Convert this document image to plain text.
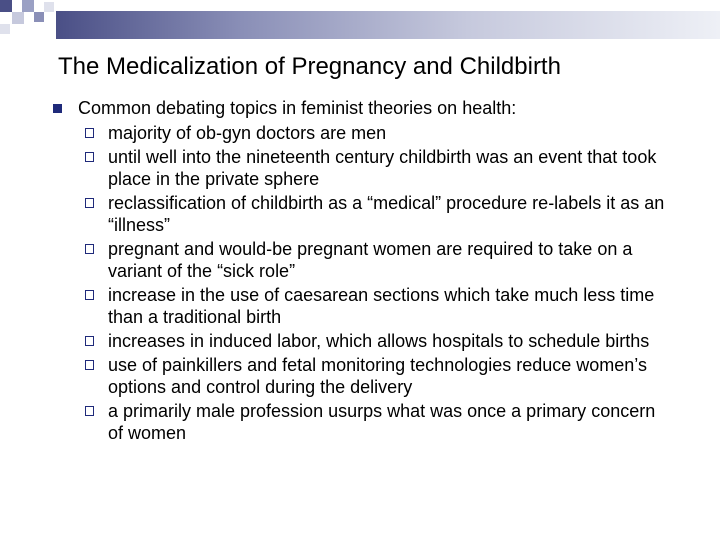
The Medicalization of Pregnancy and Childbirth
Common debating topics in feminist theories on health:
majority of ob-gyn doctors are men
until well into the nineteenth century childbirth was an event that took place in the private sphere
reclassification of childbirth as a “medical” procedure re-labels it as an “illness”
pregnant and would-be pregnant women are required to take on a variant of the “sick role”
increase in the use of caesarean sections which take much less time than a traditional birth
increases in induced labor, which allows hospitals to schedule births
use of painkillers and fetal monitoring technologies reduce women’s options and control during the delivery
a primarily male profession usurps what was once a primary concern of women
